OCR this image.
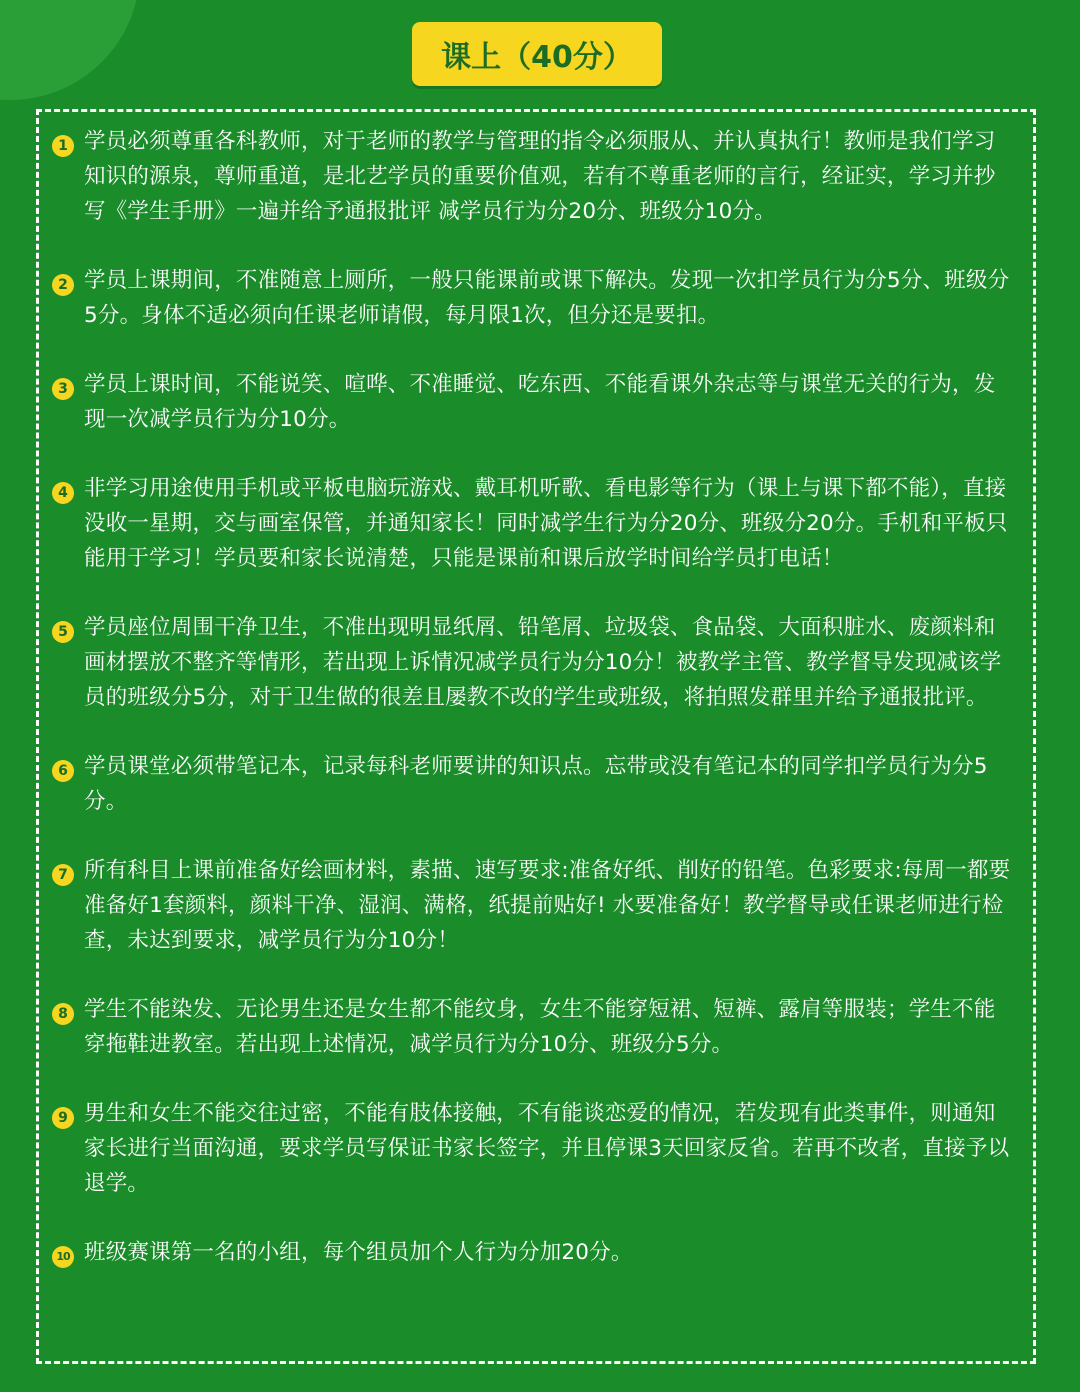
课上（40分）
1 学员必须尊重各科教师，对于老师的教学与管理的指令必须服从、并认真执行！教师是我们学习知识的源泉，尊师重道，是北艺学员的重要价值观，若有不尊重老师的言行，经证实，学习并抄写《学生手册》一遍并给予通报批评 减学员行为分20分、班级分10分。
2 学员上课期间，不准随意上厕所，一般只能课前或课下解决。发现一次扣学员行为分5分、班级分5分。身体不适必须向任课老师请假，每月限1次，但分还是要扣。
3 学员上课时间，不能说笑、喧哗、不准睡觉、吃东西、不能看课外杂志等与课堂无关的行为，发现一次减学员行为分10分。
4 非学习用途使用手机或平板电脑玩游戏、戴耳机听歌、看电影等行为（课上与课下都不能），直接没收一星期，交与画室保管，并通知家长！同时减学生行为分20分、班级分20分。手机和平板只能用于学习！学员要和家长说清楚，只能是课前和课后放学时间给学员打电话！
5 学员座位周围干净卫生，不准出现明显纸屑、铅笔屑、垃圾袋、食品袋、大面积脏水、废颜料和画材摆放不整齐等情形，若出现上诉情况减学员行为分10分！被教学主管、教学督导发现减该学员的班级分5分，对于卫生做的很差且屡教不改的学生或班级，将拍照发群里并给予通报批评。
6 学员课堂必须带笔记本，记录每科老师要讲的知识点。忘带或没有笔记本的同学扣学员行为分5分。
7 所有科目上课前准备好绘画材料，素描、速写要求:准备好纸、削好的铅笔。色彩要求:每周一都要准备好1套颜料，颜料干净、湿润、满格，纸提前贴好! 水要准备好！教学督导或任课老师进行检查，未达到要求，减学员行为分10分！
8 学生不能染发、无论男生还是女生都不能纹身，女生不能穿短裙、短裤、露肩等服装；学生不能穿拖鞋进教室。若出现上述情况，减学员行为分10分、班级分5分。
9 男生和女生不能交往过密，不能有肢体接触，不有能谈恋爱的情况，若发现有此类事件，则通知家长进行当面沟通，要求学员写保证书家长签字，并且停课3天回家反省。若再不改者，直接予以退学。
10 班级赛课第一名的小组，每个组员加个人行为分加20分。
